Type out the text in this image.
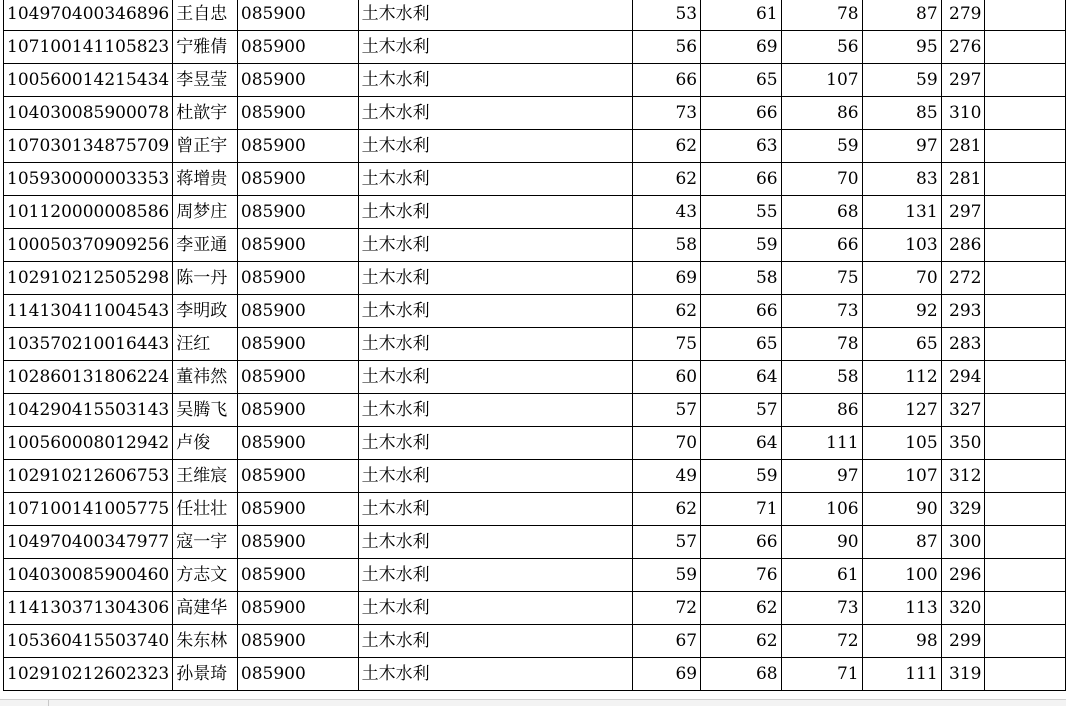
104970400346896	王自忠	085900	土木水利	53	61	78	87	279	
107100141105823	宁雅倩	085900	土木水利	56	69	56	95	276	
100560014215434	李昱莹	085900	土木水利	66	65	107	59	297	
104030085900078	杜歆宇	085900	土木水利	73	66	86	85	310	
107030134875709	曾正宇	085900	土木水利	62	63	59	97	281	
105930000003353	蒋增贵	085900	土木水利	62	66	70	83	281	
101120000008586	周梦庄	085900	土木水利	43	55	68	131	297	
100050370909256	李亚通	085900	土木水利	58	59	66	103	286	
102910212505298	陈一丹	085900	土木水利	69	58	75	70	272	
114130411004543	李明政	085900	土木水利	62	66	73	92	293	
103570210016443	汪红	085900	土木水利	75	65	78	65	283	
102860131806224	董祎然	085900	土木水利	60	64	58	112	294	
104290415503143	吴腾飞	085900	土木水利	57	57	86	127	327	
100560008012942	卢俊	085900	土木水利	70	64	111	105	350	
102910212606753	王维宸	085900	土木水利	49	59	97	107	312	
107100141005775	任壮壮	085900	土木水利	62	71	106	90	329	
104970400347977	寇一宇	085900	土木水利	57	66	90	87	300	
104030085900460	方志文	085900	土木水利	59	76	61	100	296	
114130371304306	高建华	085900	土木水利	72	62	73	113	320	
105360415503740	朱东林	085900	土木水利	67	62	72	98	299	
102910212602323	孙景琦	085900	土木水利	69	68	71	111	319	
